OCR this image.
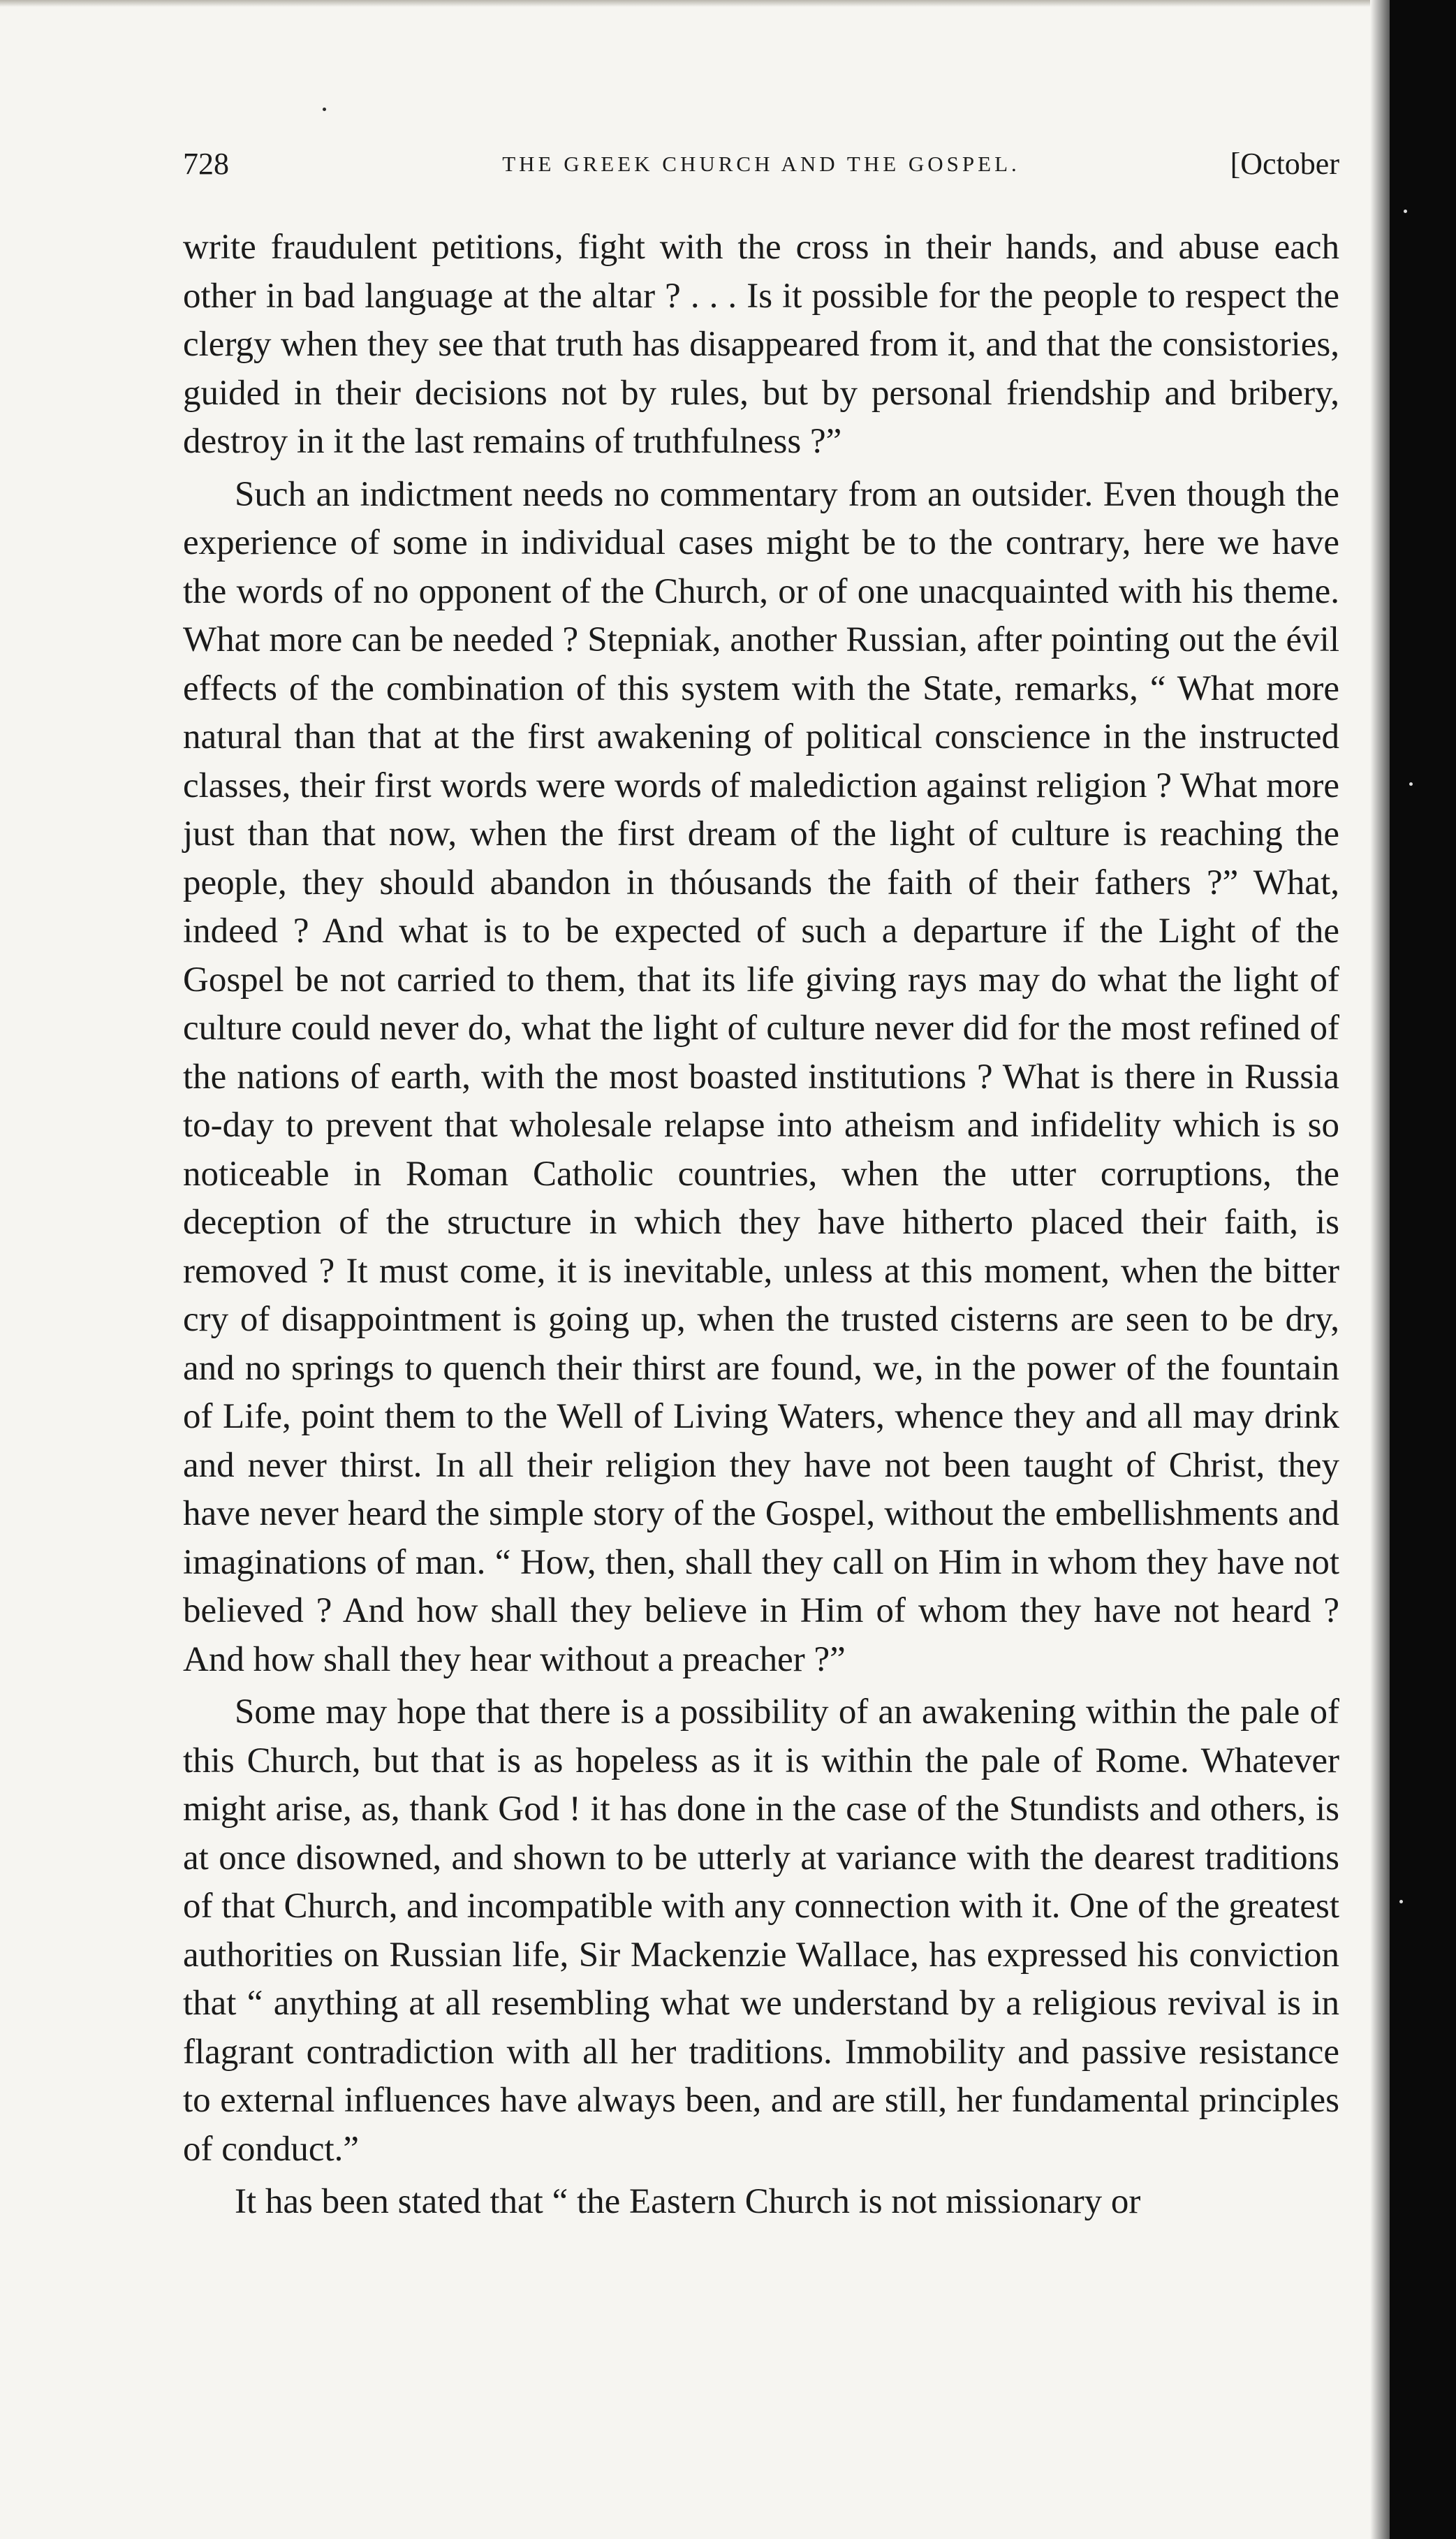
728	THE GREEK CHURCH AND THE GOSPEL.	[October

write fraudulent petitions, fight with the cross in their hands, and abuse each other in bad language at the altar ? . . . Is it possible for the people to respect the clergy when they see that truth has disappeared from it, and that the consistories, guided in their decisions not by rules, but by personal friendship and bribery, destroy in it the last remains of truthfulness ?”

Such an indictment needs no commentary from an outsider. Even though the experience of some in individual cases might be to the contrary, here we have the words of no opponent of the Church, or of one unacquainted with his theme. What more can be needed ? Stepniak, another Russian, after pointing out the évil effects of the combination of this system with the State, remarks, “ What more natural than that at the first awakening of political conscience in the instructed classes, their first words were words of malediction against religion ? What more just than that now, when the first dream of the light of culture is reaching the people, they should abandon in thóusands the faith of their fathers ?” What, indeed ? And what is to be expected of such a departure if the Light of the Gospel be not carried to them, that its life giving rays may do what the light of culture could never do, what the light of culture never did for the most refined of the nations of earth, with the most boasted institutions ? What is there in Russia to-day to prevent that wholesale relapse into atheism and infidelity which is so noticeable in Roman Catholic countries, when the utter corruptions, the deception of the structure in which they have hitherto placed their faith, is removed ? It must come, it is inevitable, unless at this moment, when the bitter cry of disappointment is going up, when the trusted cisterns are seen to be dry, and no springs to quench their thirst are found, we, in the power of the fountain of Life, point them to the Well of Living Waters, whence they and all may drink and never thirst. In all their religion they have not been taught of Christ, they have never heard the simple story of the Gospel, without the embellishments and imaginations of man. “ How, then, shall they call on Him in whom they have not believed ? And how shall they believe in Him of whom they have not heard ? And how shall they hear without a preacher ?”

Some may hope that there is a possibility of an awakening within the pale of this Church, but that is as hopeless as it is within the pale of Rome. Whatever might arise, as, thank God ! it has done in the case of the Stundists and others, is at once disowned, and shown to be utterly at variance with the dearest traditions of that Church, and incompatible with any connection with it. One of the greatest authorities on Russian life, Sir Mackenzie Wallace, has expressed his conviction that “ anything at all resembling what we understand by a religious revival is in flagrant contradiction with all her traditions. Immobility and passive resistance to external influences have always been, and are still, her fundamental principles of conduct.”

It has been stated that “ the Eastern Church is not missionary or
